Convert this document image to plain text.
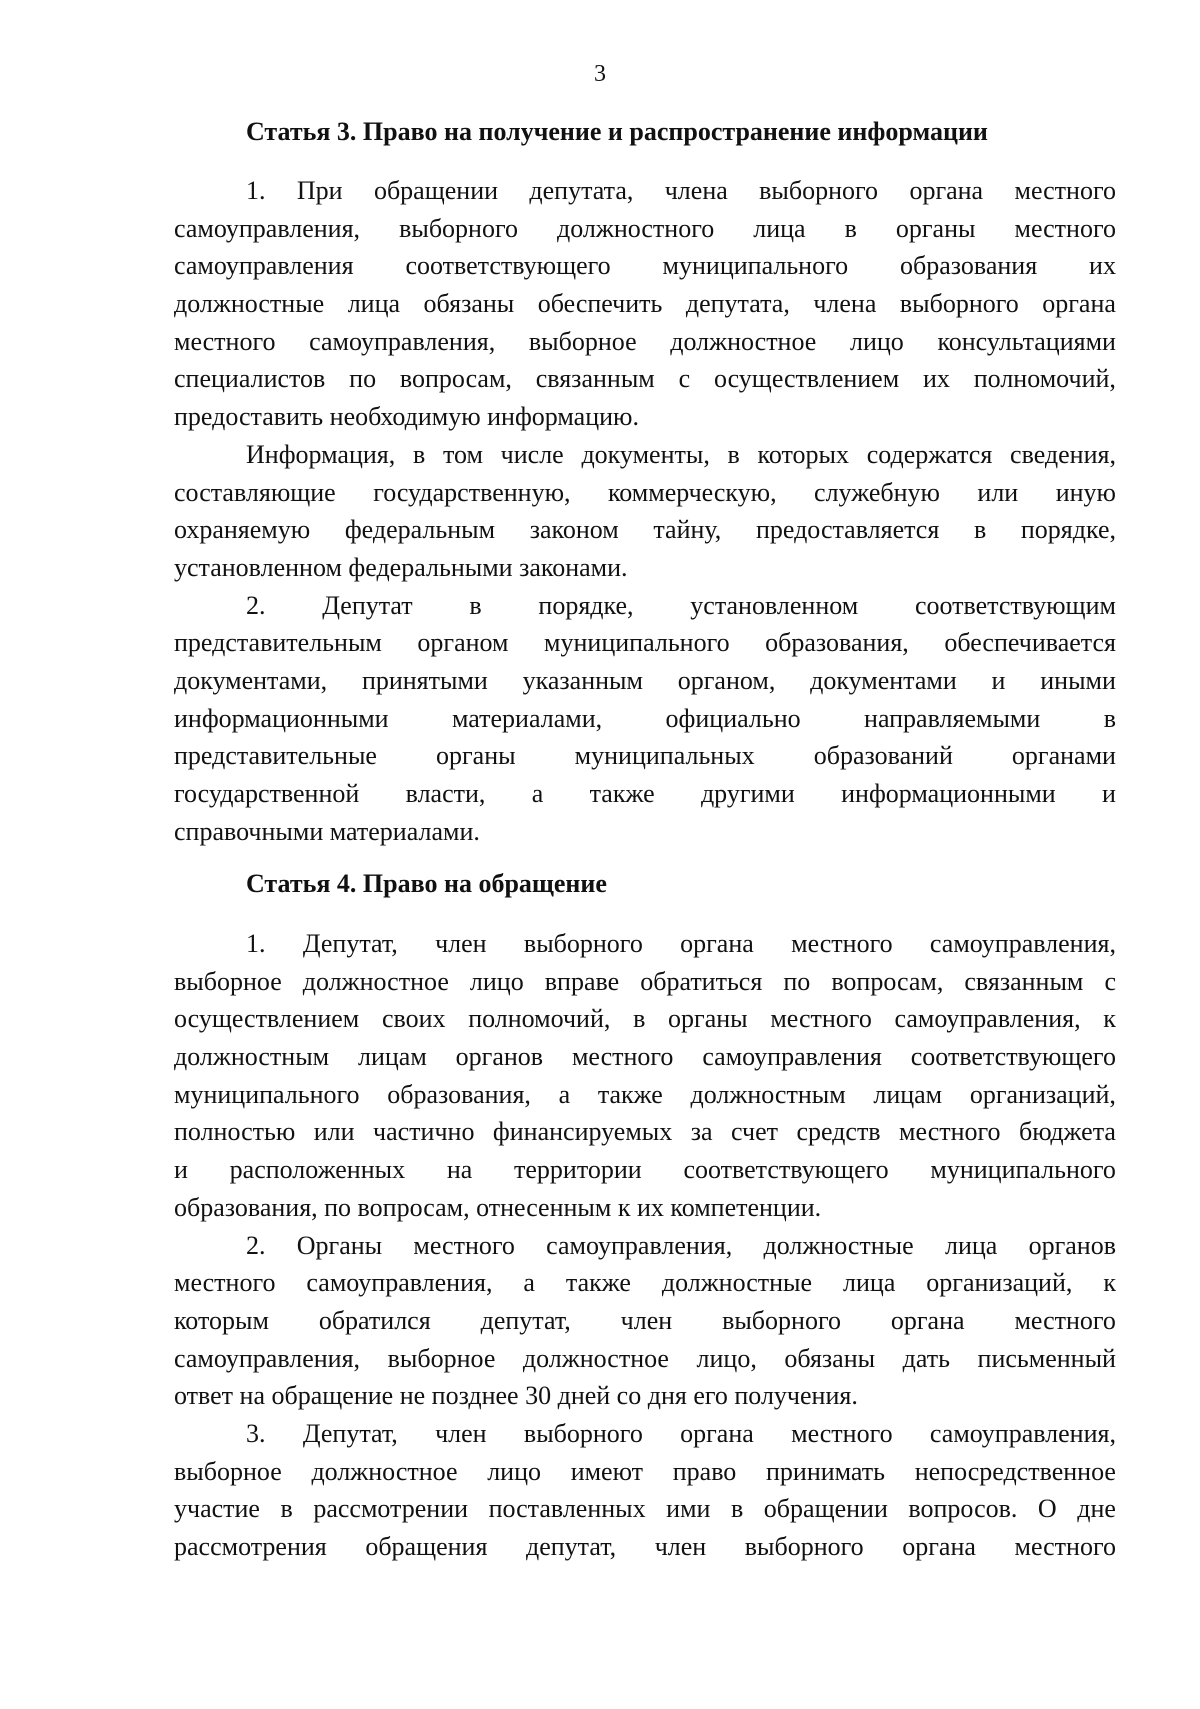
3
Статья 3. Право на получение и распространение информации
1. При обращении депутата, члена выборного органа местного
самоуправления, выборного должностного лица в органы местного
самоуправления соответствующего муниципального образования их
должностные лица обязаны обеспечить депутата, члена выборного органа
местного самоуправления, выборное должностное лицо консультациями
специалистов по вопросам, связанным с осуществлением их полномочий,
предоставить необходимую информацию.
Информация, в том числе документы, в которых содержатся сведения,
составляющие государственную, коммерческую, служебную или иную
охраняемую федеральным законом тайну, предоставляется в порядке,
установленном федеральными законами.
2. Депутат в порядке, установленном соответствующим
представительным органом муниципального образования, обеспечивается
документами, принятыми указанным органом, документами и иными
информационными материалами, официально направляемыми в
представительные органы муниципальных образований органами
государственной власти, а также другими информационными и
справочными материалами.
Статья 4. Право на обращение
1. Депутат, член выборного органа местного самоуправления,
выборное должностное лицо вправе обратиться по вопросам, связанным с
осуществлением своих полномочий, в органы местного самоуправления, к
должностным лицам органов местного самоуправления соответствующего
муниципального образования, а также должностным лицам организаций,
полностью или частично финансируемых за счет средств местного бюджета
и расположенных на территории соответствующего муниципального
образования, по вопросам, отнесенным к их компетенции.
2. Органы местного самоуправления, должностные лица органов
местного самоуправления, а также должностные лица организаций, к
которым обратился депутат, член выборного органа местного
самоуправления, выборное должностное лицо, обязаны дать письменный
ответ на обращение не позднее 30 дней со дня его получения.
3. Депутат, член выборного органа местного самоуправления,
выборное должностное лицо имеют право принимать непосредственное
участие в рассмотрении поставленных ими в обращении вопросов. О дне
рассмотрения обращения депутат, член выборного органа местного
